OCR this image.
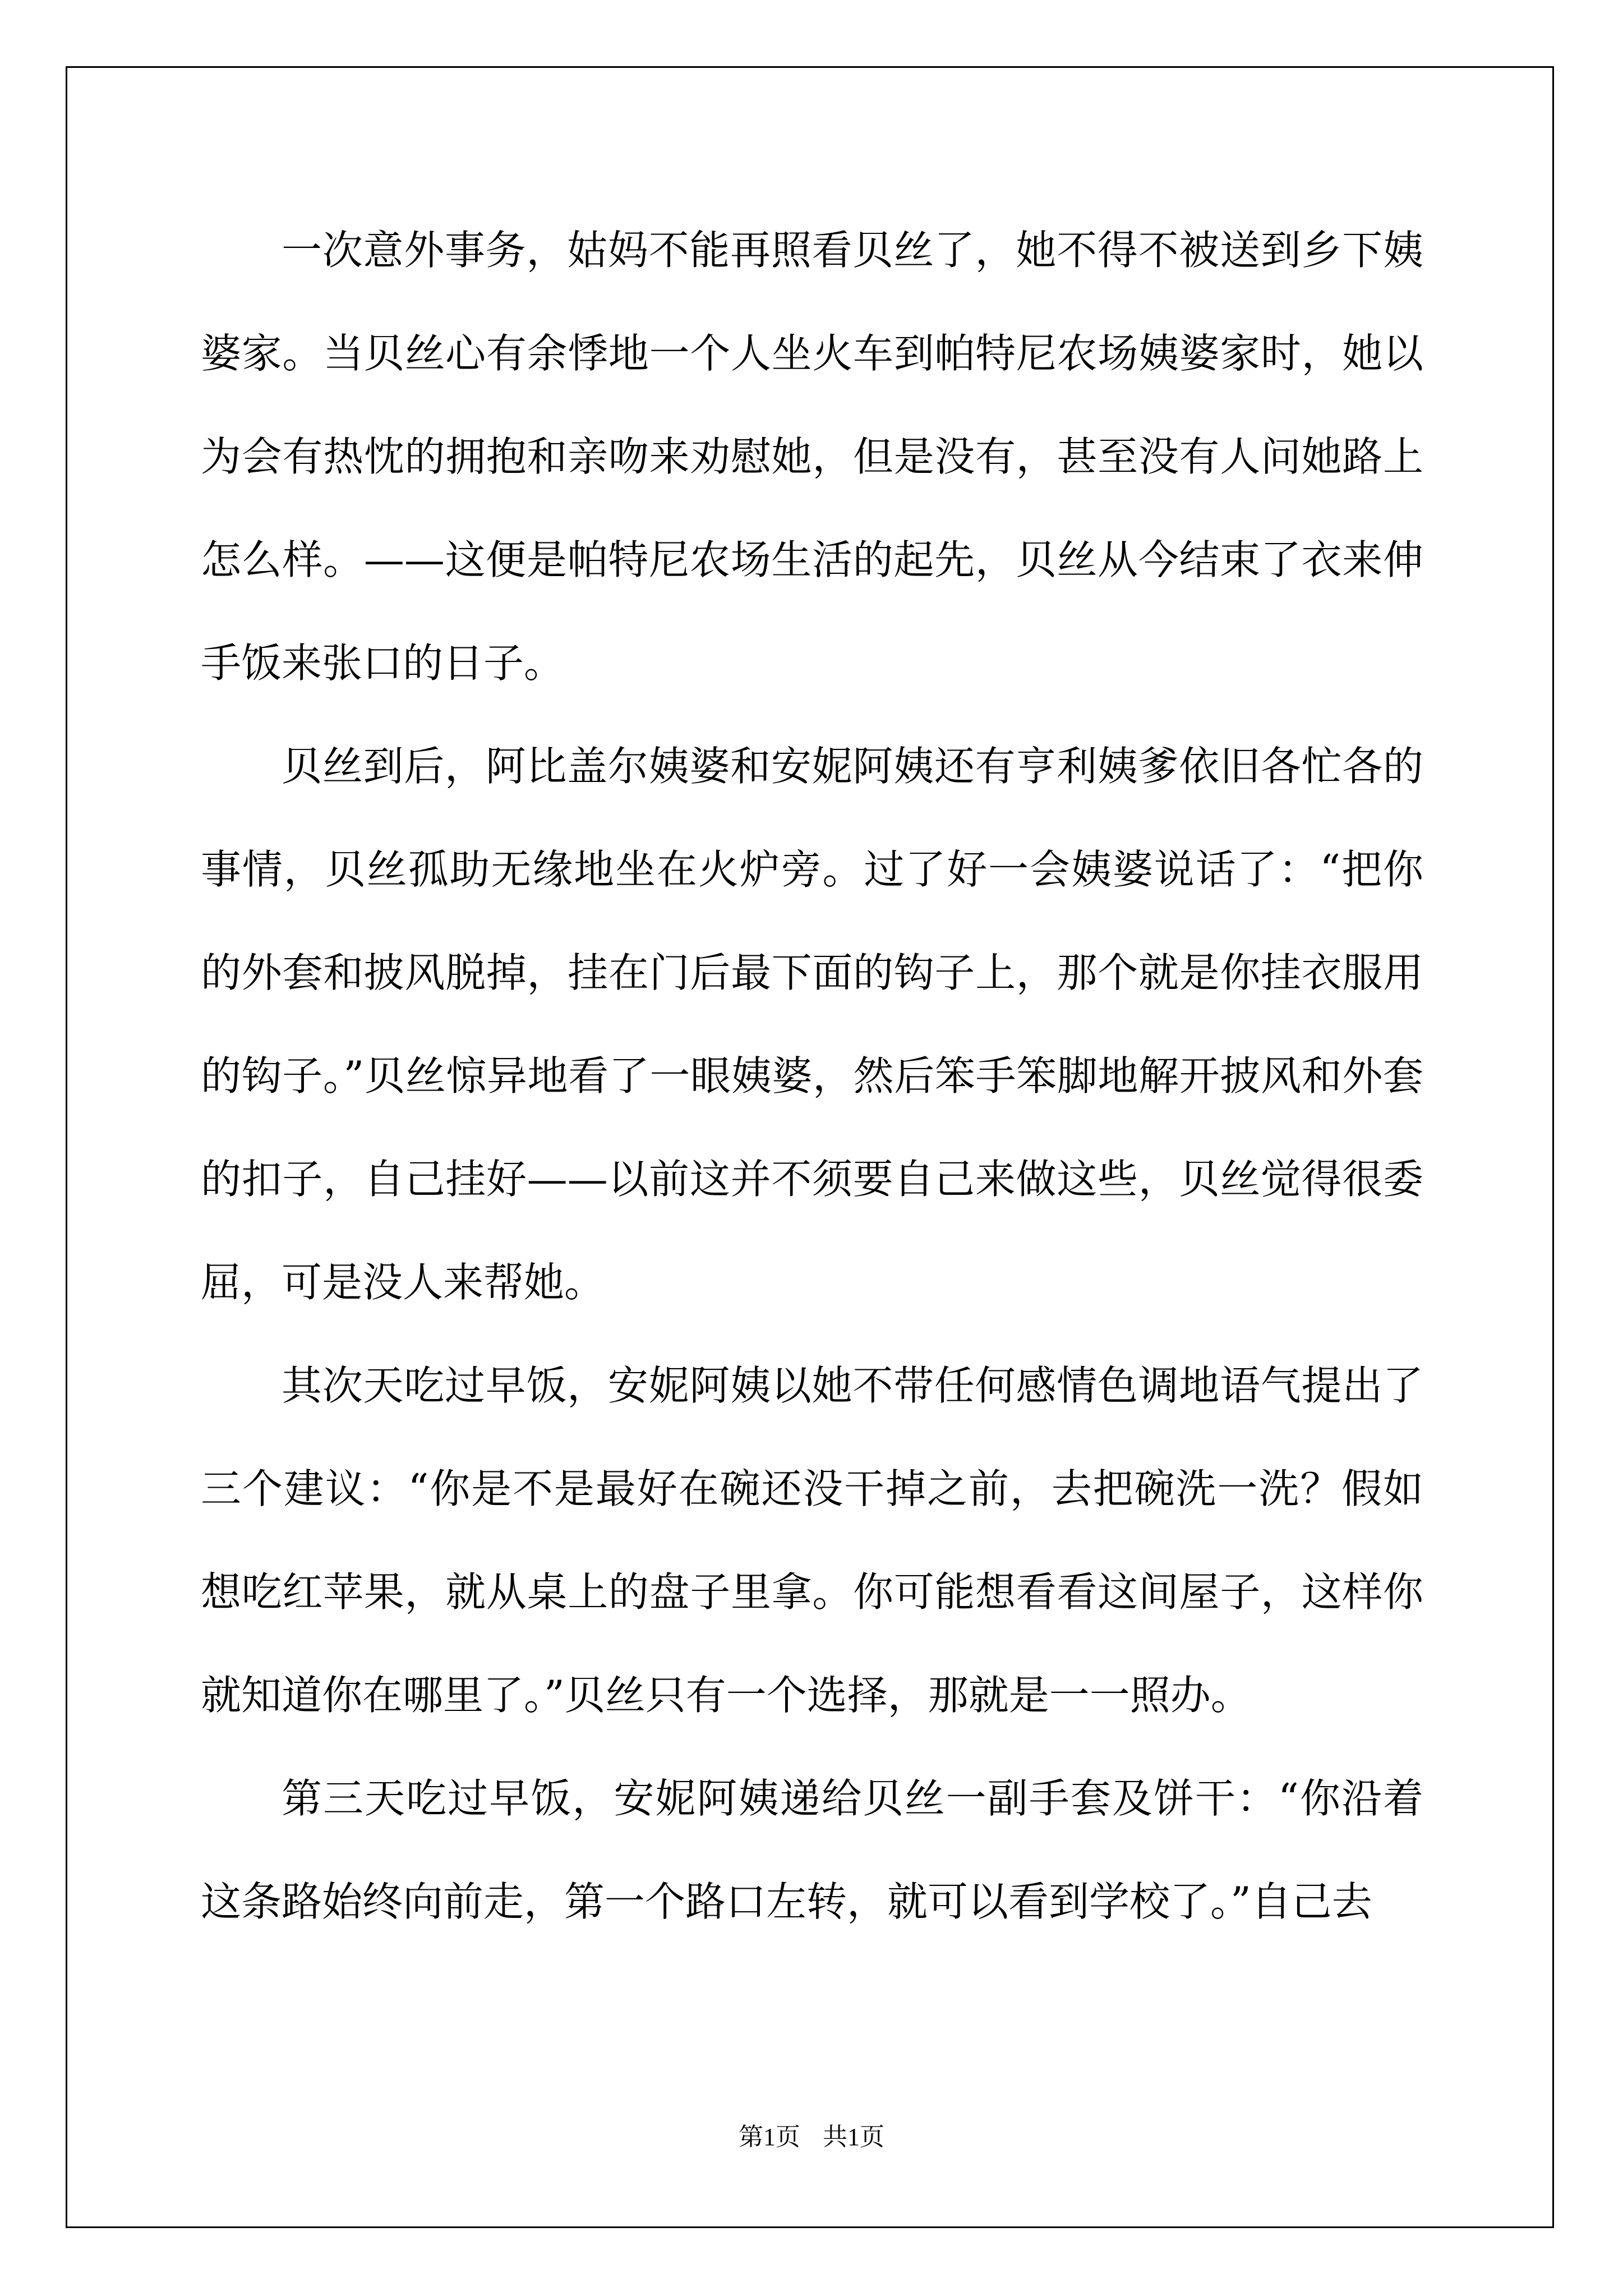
一次意外事务，姑妈不能再照看贝丝了，她不得不被送到乡下姨婆家。当贝丝心有余悸地一个人坐火车到帕特尼农场姨婆家时，她以为会有热忱的拥抱和亲吻来劝慰她，但是没有，甚至没有人问她路上怎么样。——这便是帕特尼农场生活的起先，贝丝从今结束了衣来伸手饭来张口的日子。

贝丝到后，阿比盖尔姨婆和安妮阿姨还有亨利姨爹依旧各忙各的事情，贝丝孤助无缘地坐在火炉旁。过了好一会姨婆说话了：“把你的外套和披风脱掉，挂在门后最下面的钩子上，那个就是你挂衣服用的钩子。”贝丝惊异地看了一眼姨婆，然后笨手笨脚地解开披风和外套的扣子，自己挂好——以前这并不须要自己来做这些，贝丝觉得很委屈，可是没人来帮她。

其次天吃过早饭，安妮阿姨以她不带任何感情色调地语气提出了三个建议：“你是不是最好在碗还没干掉之前，去把碗洗一洗？假如想吃红苹果，就从桌上的盘子里拿。你可能想看看这间屋子，这样你就知道你在哪里了。”贝丝只有一个选择，那就是一一照办。

第三天吃过早饭，安妮阿姨递给贝丝一副手套及饼干：“你沿着这条路始终向前走，第一个路口左转，就可以看到学校了。”自己去

第1页 共1页
